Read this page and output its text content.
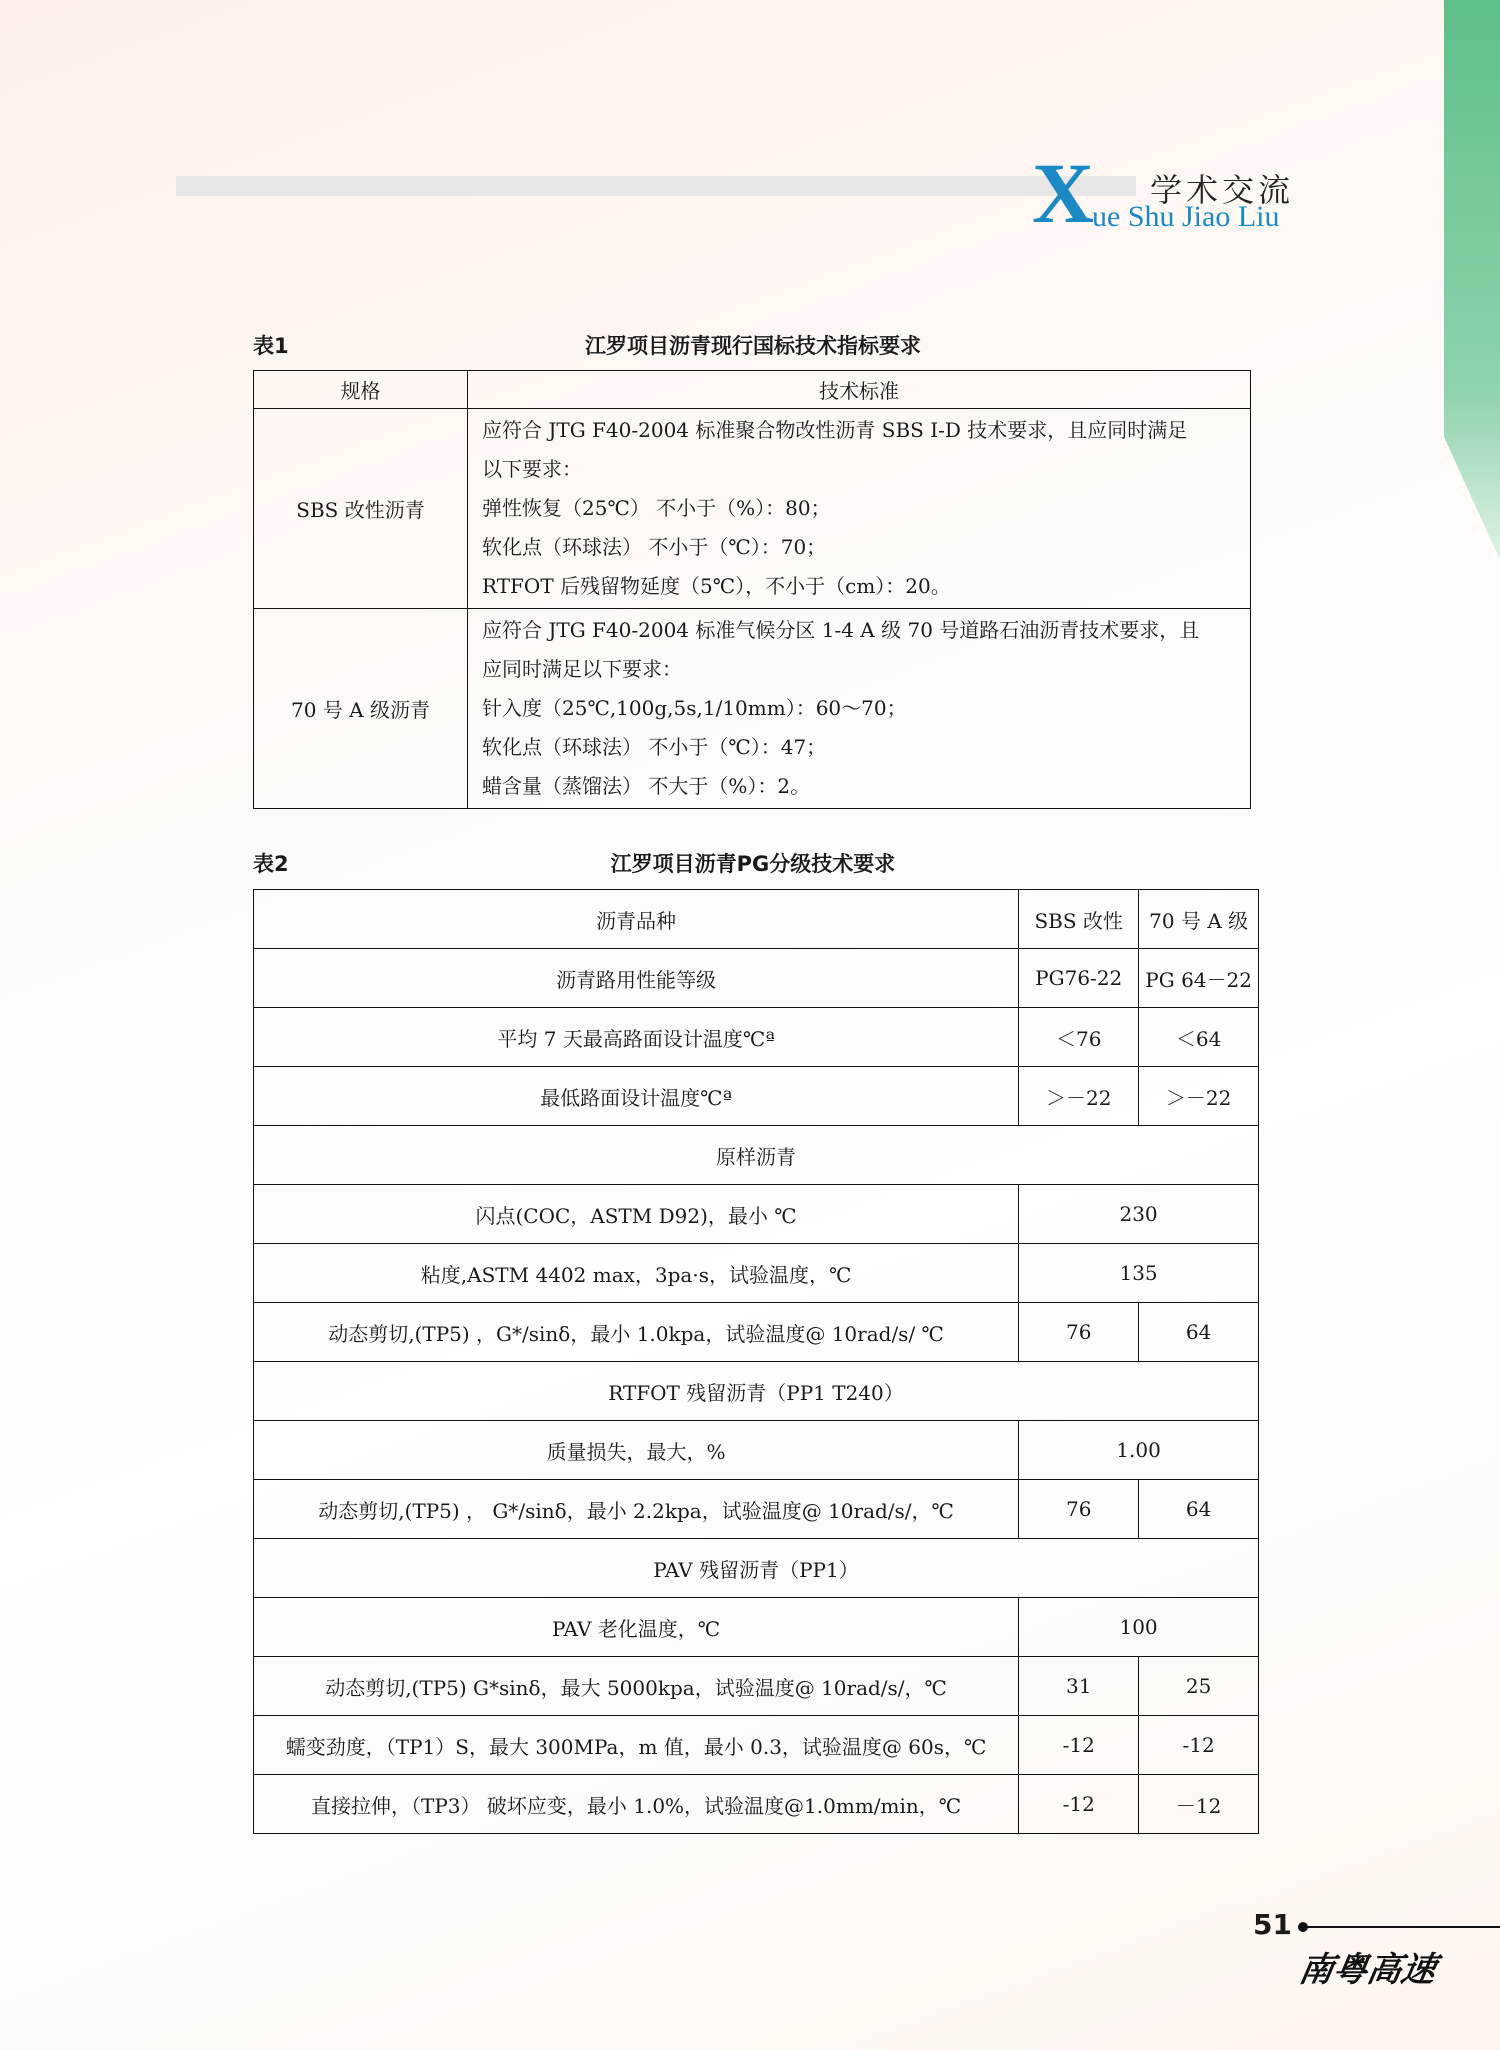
X 学术交流
ue Shu Jiao Liu
表1	江罗项目沥青现行国标技术指标要求
规格	技术标准
SBS 改性沥青	应符合 JTG F40-2004 标准聚合物改性沥青 SBS I-D 技术要求，且应同时满足
以下要求：
弹性恢复（25℃） 不小于（%）：80；
软化点（环球法） 不小于（℃）：70；
RTFOT 后残留物延度（5℃），不小于（cm）：20。

70 号 A 级沥青	应符合 JTG F40-2004 标准气候分区 1-4 A 级 70 号道路石油沥青技术要求，且
应同时满足以下要求：
针入度（25℃,100g,5s,1/10mm）：60～70；
软化点（环球法） 不小于（℃）：47；
蜡含量（蒸馏法） 不大于（%）：2。
表2	江罗项目沥青PG分级技术要求
沥青品种	SBS 改性	70 号 A 级
沥青路用性能等级	PG76-22	PG 64－22
平均 7 天最高路面设计温度℃ª	＜76	＜64
最低路面设计温度℃ª	＞－22	＞－22
原样沥青		
闪点(COC，ASTM D92)，最小 ℃	230	
粘度,ASTM 4402 max，3pa·s，试验温度，℃	135	
动态剪切,(TP5) ，G*/sinδ，最小 1.0kpa，试验温度@ 10rad/s/ ℃	76	64
RTFOT 残留沥青（PP1 T240）		
质量损失，最大，%	1.00	
动态剪切,(TP5) ， G*/sinδ，最小 2.2kpa，试验温度@ 10rad/s/，℃	76	64
PAV 残留沥青（PP1）		
PAV 老化温度，℃	100	
动态剪切,(TP5) G*sinδ，最大 5000kpa，试验温度@ 10rad/s/，℃	31	25
蠕变劲度，（TP1）S，最大 300MPa，m 值，最小 0.3，试验温度@ 60s，℃	-12	-12
直接拉伸，（TP3） 破坏应变，最小 1.0%，试验温度@1.0mm/min，℃	-12	－12
51
南粤高速
